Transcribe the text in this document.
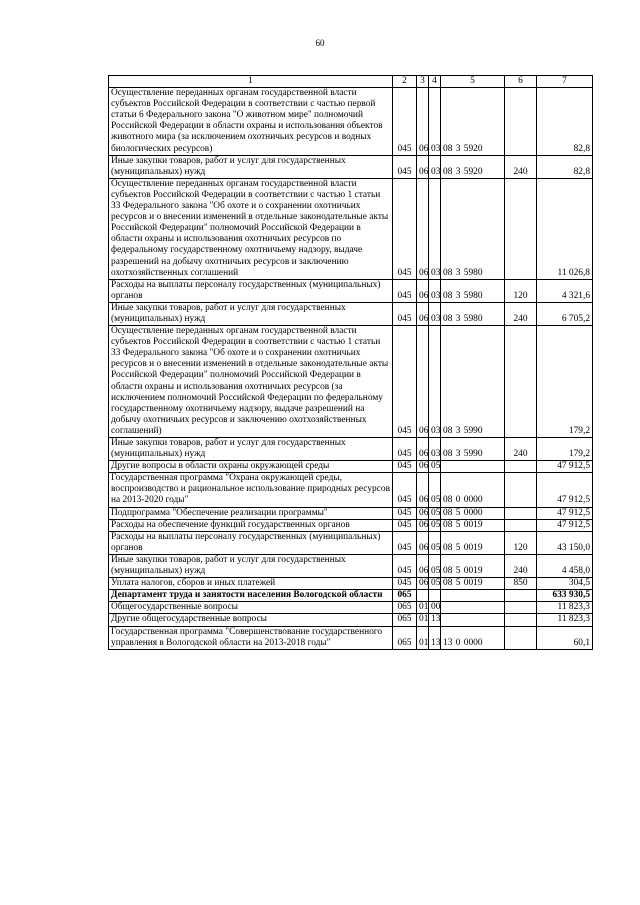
60
1	2	3	4	5	6	7
Осуществление переданных органам государственной власти субъектов Российской Федерации в соответствии с частью первой статьи 6 Федерального закона "О животном мире" полномочий Российской Федерации в области охраны и использования объектов животного мира (за исключением охотничьих ресурсов и водных биологических ресурсов)	045	06	03	08 3 5920		82,8
Иные закупки товаров, работ и услуг для государственных (муниципальных) нужд	045	06	03	08 3 5920	240	82,8
Осуществление переданных органам государственной власти субъектов Российской Федерации в соответствии с частью 1 статьи 33 Федерального закона "Об охоте и о сохранении охотничьих ресурсов и о внесении изменений в отдельные законодательные акты Российской Федерации" полномочий Российской Федерации в области охраны и использования охотничьих ресурсов по федеральному государственному охотничьему надзору, выдаче разрешений на добычу охотничьих ресурсов и заключению охотхозяйственных соглашений	045	06	03	08 3 5980		11 026,8
Расходы на выплаты персоналу государственных (муниципальных) органов	045	06	03	08 3 5980	120	4 321,6
Иные закупки товаров, работ и услуг для государственных (муниципальных) нужд	045	06	03	08 3 5980	240	6 705,2
Осуществление переданных органам государственной власти субъектов Российской Федерации в соответствии с частью 1 статьи 33 Федерального закона "Об охоте и о сохранении охотничьих ресурсов и о внесении изменений в отдельные законодательные акты Российской Федерации" полномочий Российской Федерации в области охраны и использования охотничьих ресурсов (за исключением полномочий Российской Федерации по федеральному государственному охотничьему надзору, выдаче разрешений на добычу охотничьих ресурсов и заключению охотхозяйственных соглашений)	045	06	03	08 3 5990		179,2
Иные закупки товаров, работ и услуг для государственных (муниципальных) нужд	045	06	03	08 3 5990	240	179,2
Другие вопросы в области охраны окружающей среды	045	06	05			47 912,5
Государственная программа "Охрана окружающей среды, воспроизводство и рациональное использование природных ресурсов на 2013-2020 годы"	045	06	05	08 0 0000		47 912,5
Подпрограмма "Обеспечение реализации программы"	045	06	05	08 5 0000		47 912,5
Расходы на обеспечение функций государственных органов	045	06	05	08 5 0019		47 912,5
Расходы на выплаты персоналу государственных (муниципальных) органов	045	06	05	08 5 0019	120	43 150,0
Иные закупки товаров, работ и услуг для государственных (муниципальных) нужд	045	06	05	08 5 0019	240	4 458,0
Уплата налогов, сборов и иных платежей	045	06	05	08 5 0019	850	304,5
Департамент труда и занятости населения Вологодской области	065					633 930,5
Общегосударственные вопросы	065	01	00			11 823,3
Другие общегосударственные вопросы	065	01	13			11 823,3
Государственная программа "Совершенствование государственного управления в Вологодской области на 2013-2018 годы"	065	01	13	13 0 0000		60,1
